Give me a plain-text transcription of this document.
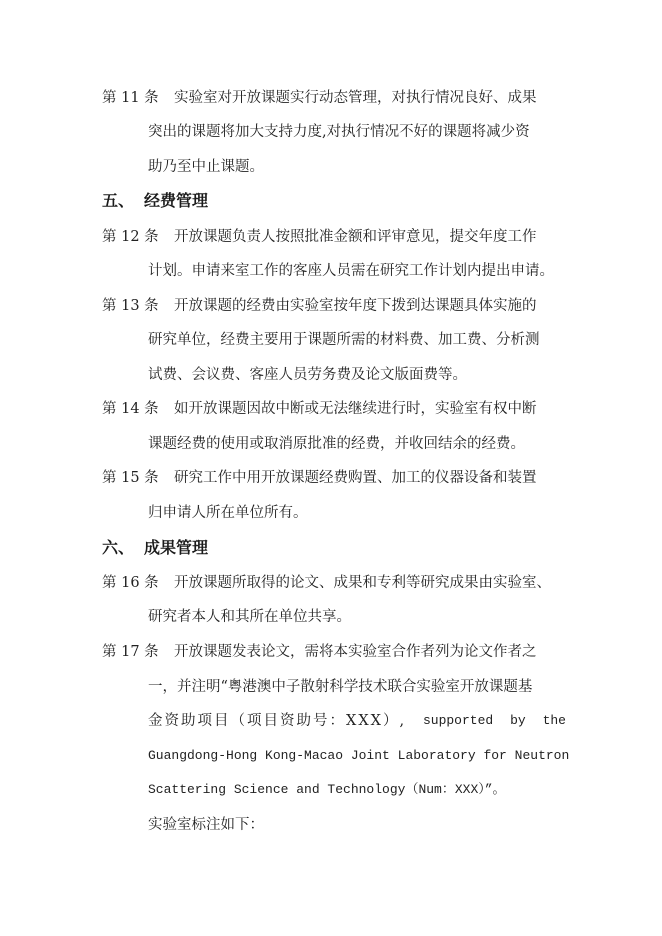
第 11 条 实验室对开放课题实行动态管理，对执行情况良好、成果
突出的课题将加大支持力度,对执行情况不好的课题将减少资
助乃至中止课题。
五、 经费管理
第 12 条 开放课题负责人按照批准金额和评审意见，提交年度工作
计划。申请来室工作的客座人员需在研究工作计划内提出申请。
第 13 条 开放课题的经费由实验室按年度下拨到达课题具体实施的
研究单位，经费主要用于课题所需的材料费、加工费、分析测
试费、会议费、客座人员劳务费及论文版面费等。
第 14 条 如开放课题因故中断或无法继续进行时，实验室有权中断
课题经费的使用或取消原批准的经费，并收回结余的经费。
第 15 条 研究工作中用开放课题经费购置、加工的仪器设备和装置
归申请人所在单位所有。
六、 成果管理
第 16 条 开放课题所取得的论文、成果和专利等研究成果由实验室、
研究者本人和其所在单位共享。
第 17 条 开放课题发表论文，需将本实验室合作者列为论文作者之
一，并注明“粤港澳中子散射科学技术联合实验室开放课题基
金资助项目（项目资助号：XXX）, supported by the
Guangdong-Hong Kong-Macao Joint Laboratory for Neutron
Scattering Science and Technology（Num：XXX）”。
实验室标注如下：
